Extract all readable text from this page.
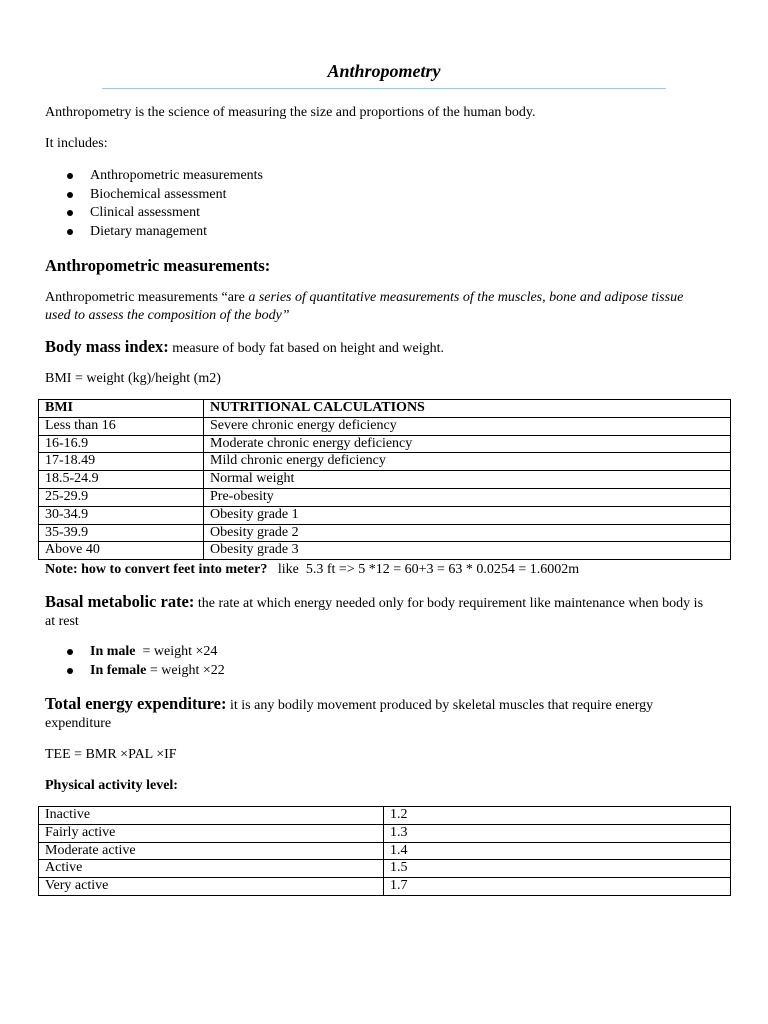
Anthropometry

Anthropometry is the science of measuring the size and proportions of the human body.

It includes:

Anthropometric measurements
Biochemical assessment
Clinical assessment
Dietary management
Anthropometric measurements:

Anthropometric measurements “are a series of quantitative measurements of the muscles, bone and adipose tissue used to assess the composition of the body”

Body mass index: measure of body fat based on height and weight.

BMI = weight (kg)/height (m2)

BMI	NUTRITIONAL CALCULATIONS
Less than 16	Severe chronic energy deficiency
16-16.9	Moderate chronic energy deficiency
17-18.49	Mild chronic energy deficiency
18.5-24.9	Normal weight
25-29.9	Pre-obesity
30-34.9	Obesity grade 1
35-39.9	Obesity grade 2
Above 40	Obesity grade 3

Note: how to convert feet into meter?   like  5.3 ft => 5 *12 = 60+3 = 63 * 0.0254 = 1.6002m

Basal metabolic rate: the rate at which energy needed only for body requirement like maintenance when body is at rest

In male  = weight ×24
In female = weight ×22

Total energy expenditure: it is any bodily movement produced by skeletal muscles that require energy expenditure

TEE = BMR ×PAL ×IF

Physical activity level:

Inactive	1.2
Fairly active	1.3
Moderate active	1.4
Active	1.5
Very active	1.7
